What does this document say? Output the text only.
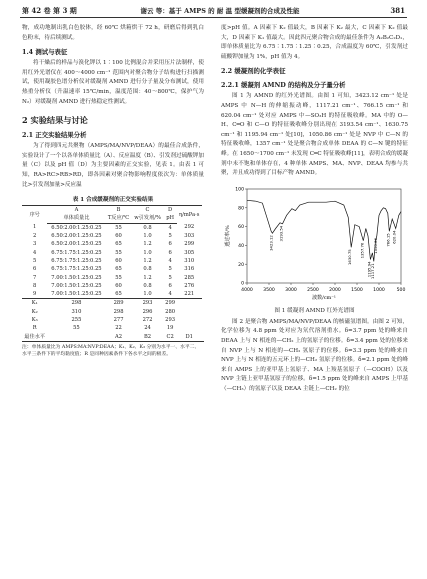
第 42 卷 第 3 期	谢云 等：基于 AMPS 的 耐 温 型缓凝剂的合成及性能	381

物，成功地制出乳白色胶体，经 60℃ 烘箱烘干 72 h，研磨后得到乳白色粉末，待后续测试。

1.4 测试与表征

将干燥后的样品与溴化钾以 1∶100 比例混合并采用压片法制样，使用红外光谱仪在 400～4000 cm⁻¹ 范围内对聚合物分子结构进行扫描测试，使用凝胶色谱分析仪对缓凝剂 AMND 进行分子量及分布测试，使用热重分析仪（升温速率 15℃/min，温度范围：40～800℃，保护气为 N₂）对缓凝剂 AMND 进行热稳定性测试。

2 实验结果与讨论
2.1 正交实验结果分析

为了得到四元共聚物（AMPS/MA/NVP/DEAA）的最佳合成条件，实验设计了一个以各单体质量比（A）、反应温度（B）、引发剂过硫酸钾加量（C）以及 pH 值（D）为主要因素的正交实验，见表 1。由表 1 可知，RA>RC>RB>RD，即各因素对聚合物影响程度依次为：单体质量比>引发剂加量>反应温

表 1 合成缓凝剂的正交实验结果
序号	A	B	C	D	η/mPa·s	
	单体质量比	T反应/℃	w引发剂/%	pH		
1	6.50∶2.00∶1.25∶0.25	55	0.8	4	292	
2	6.50∶2.00∶1.25∶0.25	60	1.0	5	303	
3	6.50∶2.00∶1.25∶0.25	65	1.2	6	299	
4	6.75∶1.75∶1.25∶0.25	55	1.0	6	305	
5	6.75∶1.75∶1.25∶0.25	60	1.2	4	310	
6	6.75∶1.75∶1.25∶0.25	65	0.8	5	316	
7	7.00∶1.50∶1.25∶0.25	55	1.2	5	285	
8	7.00∶1.50∶1.25∶0.25	60	0.8	6	276	
9	7.00∶1.50∶1.25∶0.25	65	1.0	4	221	
K₁	298	289	293	299		
K₂	310	298	296	280		
K₃	255	277	272	293		
R	55	22	24	19		
最佳水平		A2	B2	C2	D1	

注：单体质量比为 AMPS∶MA∶NVP∶DEAA；K₁、K₂、K₃ 分别为水平一、水平二、水平三条件下的平均黏度值；R 是同种因素条件下各水平之间的极差。

度>pH 值。A 因素下 K₂ 值最大，B 因素下 K₂ 最大，C 因素下 K₂ 值最大，D 因素下 K₁ 值最大。因此四元聚合物合成的最佳条件为 A₂B₂C₂D₁，即单体质量比为 6.75∶1.75∶1.25∶0.25，合成温度为 60℃，引发剂过硫酸钾加量为 1%，pH 值为 4。

2.2 缓凝剂的化学表征
2.2.1 缓凝剂 AMND 的结构及分子量分析

图 1 为 AMND 的红外光谱图。由图 1 可知，3423.12 cm⁻¹ 处是 AMPS 中 N—H 的伸缩振动峰，1117.21 cm⁻¹、766.15 cm⁻¹ 和 620.04 cm⁻¹ 处对应 AMPS 中—SO₃H 的特征吸收峰。MA 中的 O—H、C═O 和 C—O 的特征吸收峰分别出现在 3193.54 cm⁻¹、1630.75 cm⁻¹ 和 1195.94 cm⁻¹ 处[10]，1050.86 cm⁻¹ 处是 NVP 中 C—N 的特征吸收峰，1357 cm⁻¹ 处是聚合物合成单体 DEAA 的 C—N 键的特征峰。在 1650～1700 cm⁻¹ 未发现 C═C 特征吸收峰[11]，表明合成的缓凝剂中未不饱和单体存在，4 种单体 AMPS、MA、NVP、DEAA 均参与共聚，并且成功得到了目标产物 AMND。

4000 3500 3000 2500 2000 1500 1000	500
0
20
40
60
80
100
波数/cm⁻¹
透过率/%	3423.12
3193.54
1630.75 1357.76
1195.94
1117.21
1050.86 766.15 620.04
图 1 缓凝剂 AMND 红外光谱图

图 2 是聚合物 AMPS/MA/NVP/DEAA 的核磁氢谱图。由图 2 可知，化学位移为 4.8 ppm 处对应为氘代溶剂重水。δ=3.7 ppm 处的峰来自 DEAA 上与 N 相连的—CH₂ 上的氢原子的位移。δ=3.4 ppm 处的位移来自 NVP 上与 N 相连的—CH₂ 氢原子的位移。δ=3.3 ppm 处的峰来自 NVP 上与 N 相连的五元环上的—CH₂ 氢原子的位移。δ=2.1 ppm 处的峰来自 AMPS 上的亚甲基上氢原子、MA 上羧基氢原子（—COOH）以及 NVP 主链上亚甲基氢原子的位移。δ=1.5 ppm 处的峰来自 AMPS 上甲基（—CH₃）的氢原子以及 DEAA 主链上—CH₂ 的位
